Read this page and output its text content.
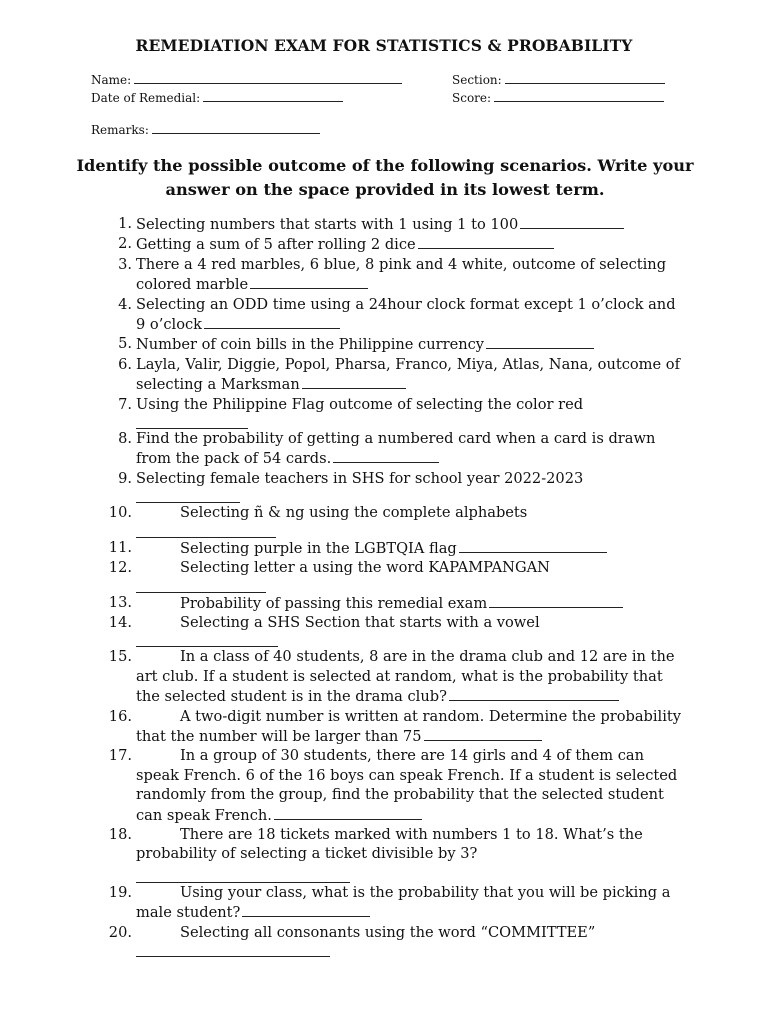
REMEDIATION EXAM FOR STATISTICS & PROBABILITY
Name:	Section:
Date of Remedial:	Score:
Remarks:
Identify the possible outcome of the following scenarios. Write your answer on the space provided in its lowest term.
1. Selecting numbers that starts with 1 using 1 to 100
2. Getting a sum of 5 after rolling 2 dice
3. There a 4 red marbles, 6 blue, 8 pink and 4 white, outcome of selecting colored marble
4. Selecting an ODD time using a 24hour clock format except 1 o’clock and 9 o’clock
5. Number of coin bills in the Philippine currency
6. Layla, Valir, Diggie, Popol, Pharsa, Franco, Miya, Atlas, Nana, outcome of selecting a Marksman
7. Using the Philippine Flag outcome of selecting the color red
8. Find the probability of getting a numbered card when a card is drawn from the pack of 54 cards.
9. Selecting female teachers in SHS for school year 2022-2023
10.	Selecting ñ & ng using the complete alphabets
11.	Selecting purple in the LGBTQIA flag
12.	Selecting letter a using the word KAPAMPANGAN
13.	Probability of passing this remedial exam
14.	Selecting a SHS Section that starts with a vowel
15.	In a class of 40 students, 8 are in the drama club and 12 are in the art club. If a student is selected at random, what is the probability that the selected student is in the drama club?
16.	A two-digit number is written at random. Determine the probability that the number will be larger than 75
17.	In a group of 30 students, there are 14 girls and 4 of them can speak French. 6 of the 16 boys can speak French. If a student is selected randomly from the group, find the probability that the selected student can speak French.
18.	There are 18 tickets marked with numbers 1 to 18. What’s the probability of selecting a ticket divisible by 3?
19.	Using your class, what is the probability that you will be picking a male student?
20.	Selecting all consonants using the word “COMMITTEE”
